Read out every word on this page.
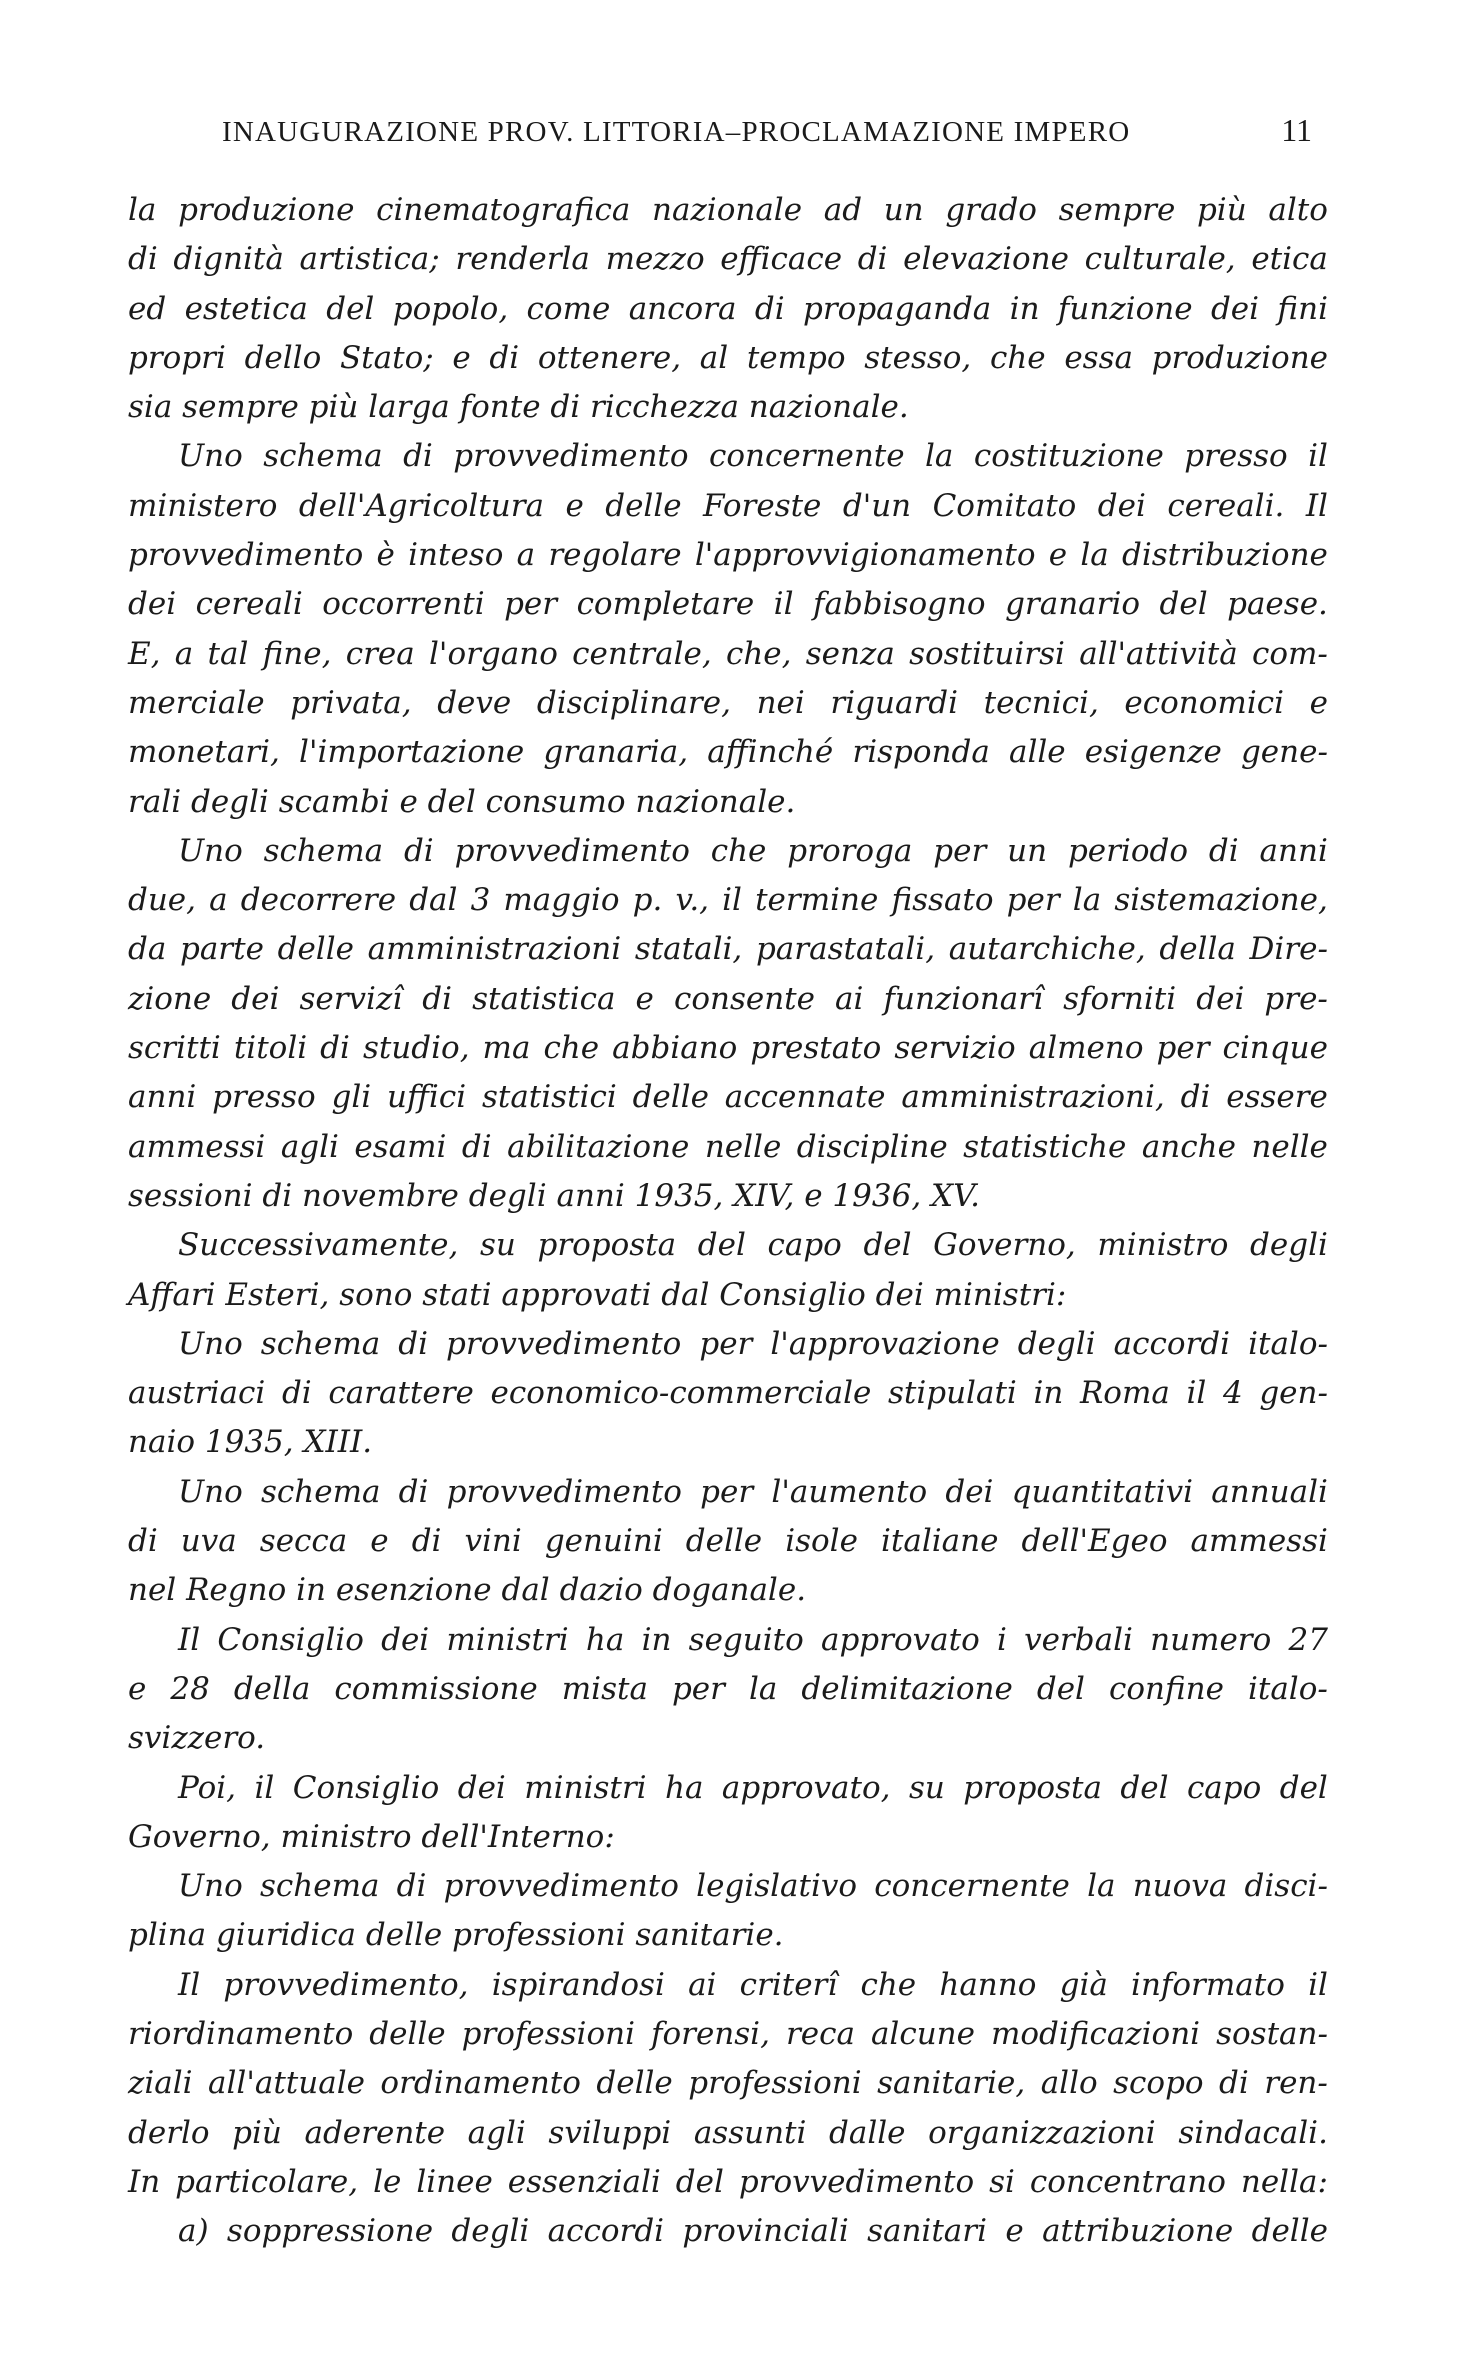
INAUGURAZIONE PROV. LITTORIA–PROCLAMAZIONE IMPERO	11
la produzione cinematografica nazionale ad un grado sempre più alto
di dignità artistica; renderla mezzo efficace di elevazione culturale, etica
ed estetica del popolo, come ancora di propaganda in funzione dei fini
propri dello Stato; e di ottenere, al tempo stesso, che essa produzione
sia sempre più larga fonte di ricchezza nazionale.
Uno schema di provvedimento concernente la costituzione presso il
ministero dell'Agricoltura e delle Foreste d'un Comitato dei cereali. Il
provvedimento è inteso a regolare l'approvvigionamento e la distribuzione
dei cereali occorrenti per completare il fabbisogno granario del paese.
E, a tal fine, crea l'organo centrale, che, senza sostituirsi all'attività com-
merciale privata, deve disciplinare, nei riguardi tecnici, economici e
monetari, l'importazione granaria, affinché risponda alle esigenze gene-
rali degli scambi e del consumo nazionale.
Uno schema di provvedimento che proroga per un periodo di anni
due, a decorrere dal 3 maggio p. v., il termine fissato per la sistemazione,
da parte delle amministrazioni statali, parastatali, autarchiche, della Dire-
zione dei servizî di statistica e consente ai funzionarî sforniti dei pre-
scritti titoli di studio, ma che abbiano prestato servizio almeno per cinque
anni presso gli uffici statistici delle accennate amministrazioni, di essere
ammessi agli esami di abilitazione nelle discipline statistiche anche nelle
sessioni di novembre degli anni 1935, XIV, e 1936, XV.
Successivamente, su proposta del capo del Governo, ministro degli
Affari Esteri, sono stati approvati dal Consiglio dei ministri:
Uno schema di provvedimento per l'approvazione degli accordi italo-
austriaci di carattere economico-commerciale stipulati in Roma il 4 gen-
naio 1935, XIII.
Uno schema di provvedimento per l'aumento dei quantitativi annuali
di uva secca e di vini genuini delle isole italiane dell'Egeo ammessi
nel Regno in esenzione dal dazio doganale.
Il Consiglio dei ministri ha in seguito approvato i verbali numero 27
e 28 della commissione mista per la delimitazione del confine italo-
svizzero.
Poi, il Consiglio dei ministri ha approvato, su proposta del capo del
Governo, ministro dell'Interno:
Uno schema di provvedimento legislativo concernente la nuova disci-
plina giuridica delle professioni sanitarie.
Il provvedimento, ispirandosi ai criterî che hanno già informato il
riordinamento delle professioni forensi, reca alcune modificazioni sostan-
ziali all'attuale ordinamento delle professioni sanitarie, allo scopo di ren-
derlo più aderente agli sviluppi assunti dalle organizzazioni sindacali.
In particolare, le linee essenziali del provvedimento si concentrano nella:
a) soppressione degli accordi provinciali sanitari e attribuzione delle
